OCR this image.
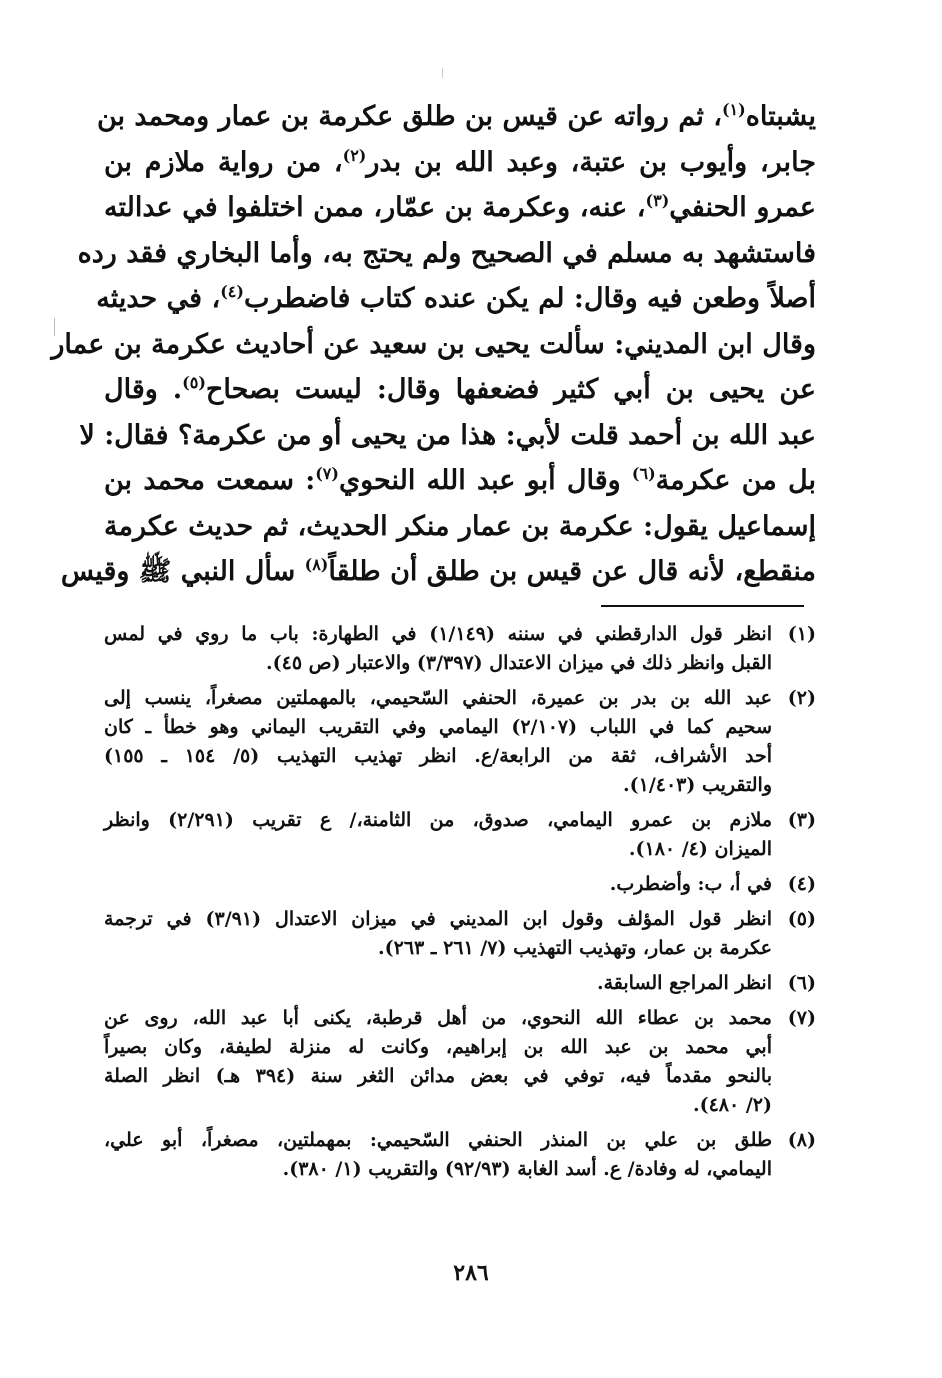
يشبتاه$^{(١)}$، ثم رواته عن قيس بن طلق عكرمة بن عمار ومحمد بن
جابر، وأيوب بن عتبة، وعبد الله بن بدر$^{(٢)}$، من رواية ملازم بن
عمرو الحنفي$^{(٣)}$، عنه، وعكرمة بن عمّار، ممن اختلفوا في عدالته
فاستشهد به مسلم في الصحيح ولم يحتج به، وأما البخاري فقد رده
أصلاً وطعن فيه وقال: لم يكن عنده كتاب فاضطرب$^{(٤)}$، في حديثه
وقال ابن المديني: سألت يحيى بن سعيد عن أحاديث عكرمة بن عمار
عن يحيى بن أبي كثير فضعفها وقال: ليست بصحاح$^{(٥)}$. وقال
عبد الله بن أحمد قلت لأبي: هذا من يحيى أو من عكرمة؟ فقال: لا
بل من عكرمة$^{(٦)}$ وقال أبو عبد الله النحوي$^{(٧)}$: سمعت محمد بن
إسماعيل يقول: عكرمة بن عمار منكر الحديث، ثم حديث عكرمة
منقطع، لأنه قال عن قيس بن طلق أن طلقاً$^{(٨)}$ سأل النبي ﷺ وقيس
(١)
انظر قول الدارقطني في سننه (١/١٤٩) في الطهارة: باب ما روي في لمس
القبل وانظر ذلك في ميزان الاعتدال (٣/٣٩٧) والاعتبار (ص ٤٥).
(٢)
عبد الله بن بدر بن عميرة، الحنفي السّحيمي، بالمهملتين مصغراً، ينسب إلى
سحيم كما في اللباب (٢/١٠٧) اليمامي وفي التقريب اليماني وهو خطأ ـ كان
أحد الأشراف، ثقة من الرابعة/ع. انظر تهذيب التهذيب (٥/ ١٥٤ ـ ١٥٥)
والتقريب (١/٤٠٣).
(٣)
ملازم بن عمرو اليمامي، صدوق، من الثامنة،/ ع تقريب (٢/٢٩١) وانظر
الميزان (٤/ ١٨٠).
(٤)
في أ، ب: وأضطرب.
(٥)
انظر قول المؤلف وقول ابن المديني في ميزان الاعتدال (٣/٩١) في ترجمة
عكرمة بن عمار، وتهذيب التهذيب (٧/ ٢٦١ ـ ٢٦٣).
(٦)
انظر المراجع السابقة.
(٧)
محمد بن عطاء الله النحوي، من أهل قرطبة، يكنى أبا عبد الله، روى عن
أبي محمد بن عبد الله بن إبراهيم، وكانت له منزلة لطيفة، وكان بصيراً
بالنحو مقدماً فيه، توفي في بعض مدائن الثغر سنة (٣٩٤ هـ) انظر الصلة
(٢/ ٤٨٠).
(٨)
طلق بن علي بن المنذر الحنفي السّحيمي: بمهملتين، مصغراً، أبو علي،
اليمامي، له وفادة/ ع. أسد الغابة (٩٢/٩٣) والتقريب (١/ ٣٨٠).
٢٨٦
